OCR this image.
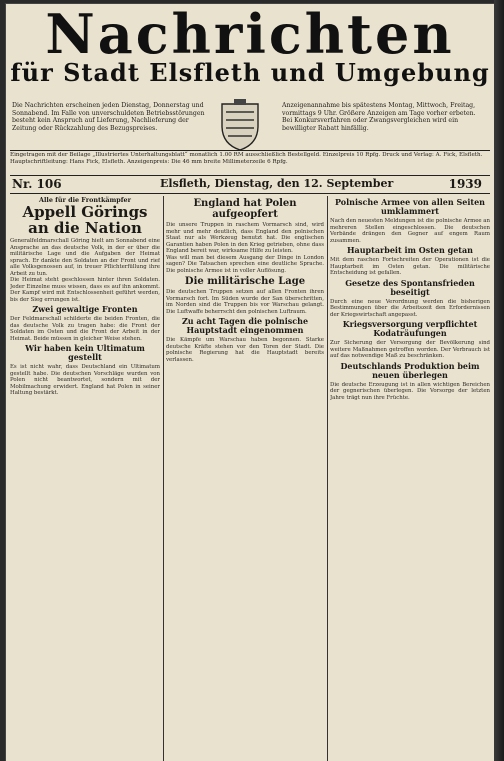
Nachrichten
für Stadt Elsfleth und Umgebung
Die Nachrichten erscheinen jeden Dienstag, Donnerstag und Sonnabend. Im Falle von unverschuldeten Betriebsstörungen besteht kein Anspruch auf Lieferung, Nachlieferung der Zeitung oder Rückzahlung des Bezugspreises.
Anzeigenannahme bis spätestens Montag, Mittwoch, Freitag, vormittags 9 Uhr. Größere Anzeigen am Tage vorher erbeten. Bei Konkursverfahren oder Zwangsvergleichen wird ein bewilligter Rabatt hinfällig.
Eingetragen mit der Beilage „Illustriertes Unterhaltungsblatt“ monatlich 1.00 RM ausschließlich Bestellgeld. Einzelpreis 10 Rpfg. Druck und Verlag: A. Fick, Elsfleth. Hauptschriftleitung: Hans Fick, Elsfleth. Anzeigenpreis: Die 46 mm breite Millimeterzeile 6 Rpfg.
Nr. 106	Elsfleth, Dienstag, den 12. September	1939

Alle für die Frontkämpfer

Appell Görings an die Nation

Generalfeldmarschall Göring hielt am Sonnabend eine Ansprache an das deutsche Volk, in der er über die militärische Lage und die Aufgaben der Heimat sprach. Er dankte den Soldaten an der Front und rief alle Volksgenossen auf, in treuer Pflichterfüllung ihre Arbeit zu tun.

Die Heimat steht geschlossen hinter ihren Soldaten. Jeder Einzelne muss wissen, dass es auf ihn ankommt. Der Kampf wird mit Entschlossenheit geführt werden, bis der Sieg errungen ist.

Zwei gewaltige Fronten

Der Feldmarschall schilderte die beiden Fronten, die das deutsche Volk zu tragen habe: die Front der Soldaten im Osten und die Front der Arbeit in der Heimat. Beide müssen in gleicher Weise stehen.

Wir haben kein Ultimatum gestellt

Es ist nicht wahr, dass Deutschland ein Ultimatum gestellt habe. Die deutschen Vorschläge wurden von Polen nicht beantwortet, sondern mit der Mobilmachung erwidert. England hat Polen in seiner Haltung bestärkt.

England hat Polen aufgeopfert

Die unsere Truppen in raschem Vormarsch sind, wird mehr und mehr deutlich, dass England den polnischen Staat nur als Werkzeug benutzt hat. Die englischen Garantien haben Polen in den Krieg getrieben, ohne dass England bereit war, wirksame Hilfe zu leisten.

Was will man bei diesem Ausgang der Dinge in London sagen? Die Tatsachen sprechen eine deutliche Sprache. Die polnische Armee ist in voller Auflösung.

Die militärische Lage

Die deutschen Truppen setzen auf allen Fronten ihren Vormarsch fort. Im Süden wurde der San überschritten, im Norden sind die Truppen bis vor Warschau gelangt. Die Luftwaffe beherrscht den polnischen Luftraum.

Zu acht Tagen die polnische Hauptstadt eingenommen

Die Kämpfe um Warschau haben begonnen. Starke deutsche Kräfte stehen vor den Toren der Stadt. Die polnische Regierung hat die Hauptstadt bereits verlassen.

Polnische Armee von allen Seiten umklammert

Nach den neuesten Meldungen ist die polnische Armee an mehreren Stellen eingeschlossen. Die deutschen Verbände drängen den Gegner auf engem Raum zusammen.

Hauptarbeit im Osten getan

Mit dem raschen Fortschreiten der Operationen ist die Hauptarbeit im Osten getan. Die militärische Entscheidung ist gefallen.

Gesetze des Spontansfrieden beseitigt

Durch eine neue Verordnung werden die bisherigen Bestimmungen über die Arbeitszeit den Erfordernissen der Kriegswirtschaft angepasst.

Kriegsversorgung verpflichtet Kodaträufungen

Zur Sicherung der Versorgung der Bevölkerung sind weitere Maßnahmen getroffen worden. Der Verbrauch ist auf das notwendige Maß zu beschränken.

Deutschlands Produktion beim neuen überlegen

Die deutsche Erzeugung ist in allen wichtigen Bereichen der gegnerischen überlegen. Die Vorsorge der letzten Jahre trägt nun ihre Früchte.
